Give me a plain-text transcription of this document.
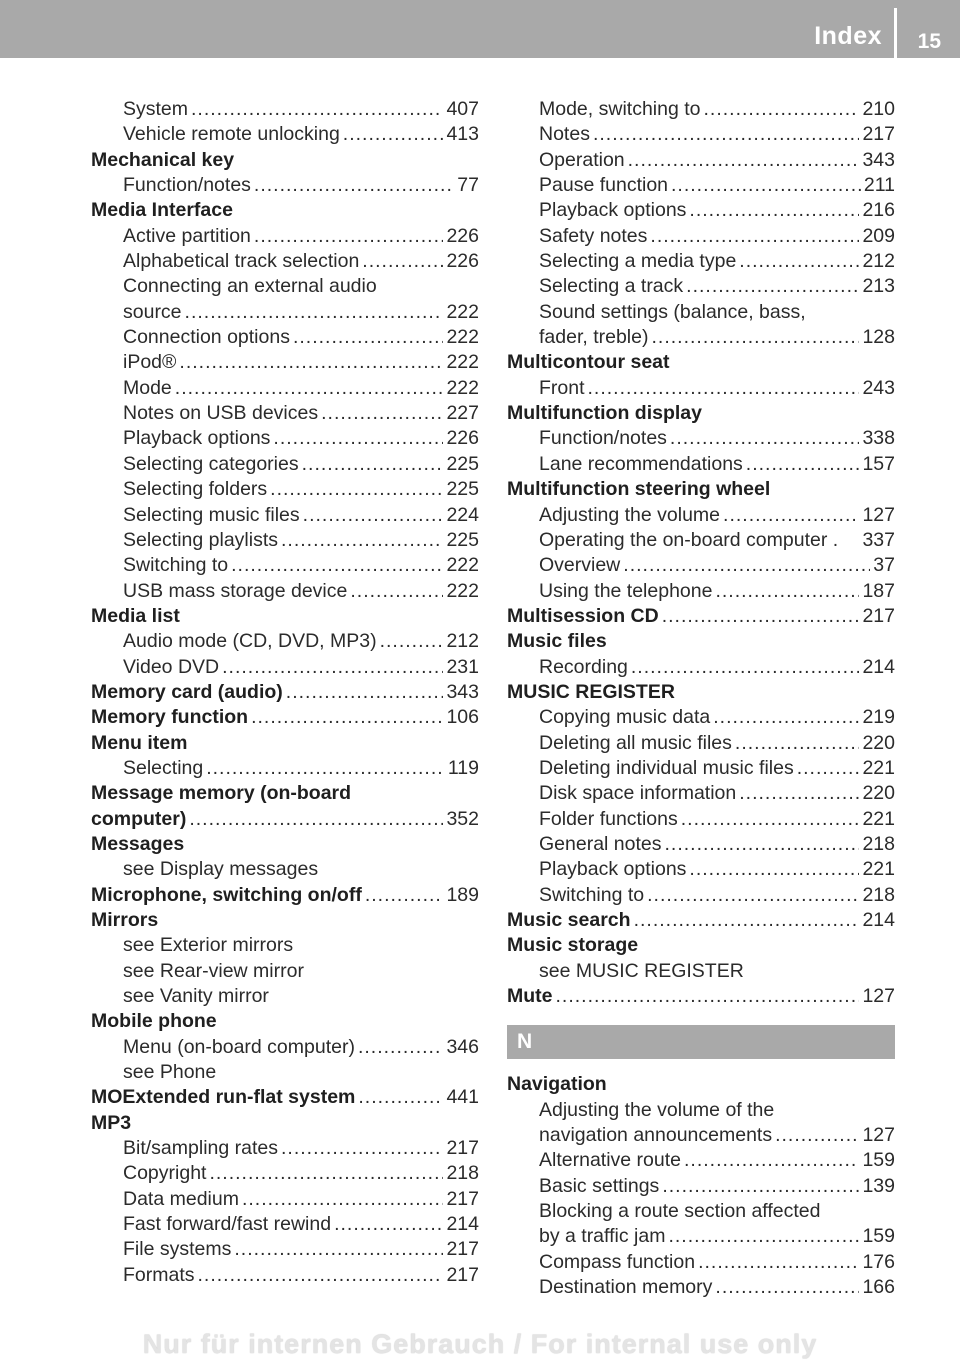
Index 15
System .....	407
Vehicle remote unlocking .....	413
Mechanical key
Function/notes .....	77
Media Interface
Active partition .....	226
Alphabetical track selection .....	226
Connecting an external audio
source .....	222
Connection options .....	222
iPod® .....	222
Mode .....	222
Notes on USB devices .....	227
Playback options .....	226
Selecting categories .....	225
Selecting folders .....	225
Selecting music files .....	224
Selecting playlists .....	225
Switching to .....	222
USB mass storage device .....	222
Media list
Audio mode (CD, DVD, MP3) .....	212
Video DVD .....	231
Memory card (audio) .....	343
Memory function .....	106
Menu item
Selecting .....	119
Message memory (on-board
computer) .....	352
Messages
see Display messages
Microphone, switching on/off .....	189
Mirrors
see Exterior mirrors
see Rear-view mirror
see Vanity mirror
Mobile phone
Menu (on-board computer) .....	346
see Phone
MOExtended run-flat system .....	441
MP3
Bit/sampling rates .....	217
Copyright .....	218
Data medium .....	217
Fast forward/fast rewind .....	214
File systems .....	217
Formats .....	217
Mode, switching to .....	210
Notes .....	217
Operation .....	343
Pause function .....	211
Playback options .....	216
Safety notes .....	209
Selecting a media type .....	212
Selecting a track .....	213
Sound settings (balance, bass,
fader, treble) .....	128
Multicontour seat
Front .....	243
Multifunction display
Function/notes .....	338
Lane recommendations .....	157
Multifunction steering wheel
Adjusting the volume .....	127
Operating the on-board computer . 337
Overview .....	37
Using the telephone .....	187
Multisession CD .....	217
Music files
Recording .....	214
MUSIC REGISTER
Copying music data .....	219
Deleting all music files .....	220
Deleting individual music files .....	221
Disk space information .....	220
Folder functions .....	221
General notes .....	218
Playback options .....	221
Switching to .....	218
Music search .....	214
Music storage
see MUSIC REGISTER
Mute .....	127
N
Navigation
Adjusting the volume of the
navigation announcements .....	127
Alternative route .....	159
Basic settings .....	139
Blocking a route section affected
by a traffic jam .....	159
Compass function .....	176
Destination memory .....	166
Nur für internen Gebrauch / For internal use only
